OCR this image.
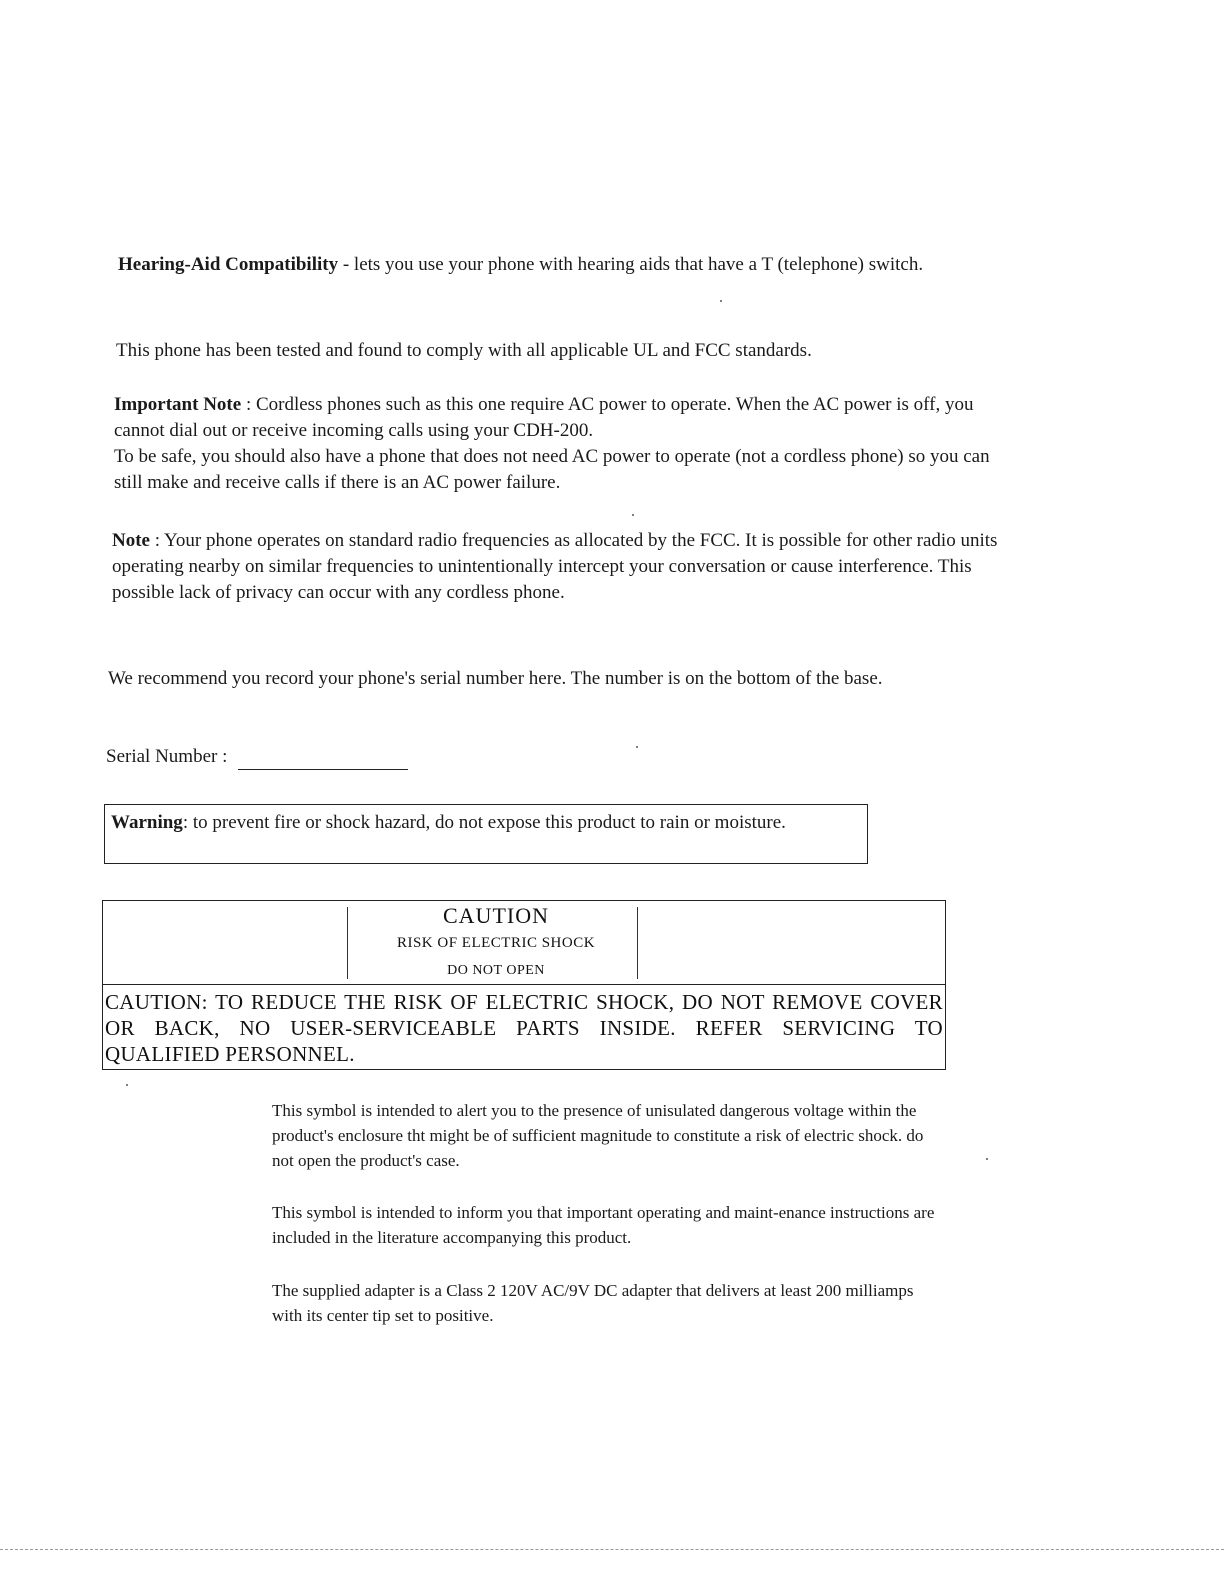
Hearing-Aid Compatibility - lets you use your phone with hearing aids that have a T (telephone) switch.

This phone has been tested and found to comply with all applicable UL and FCC standards.

Important Note : Cordless phones such as this one require AC power to operate. When the AC power is off, you cannot dial out or receive incoming calls using your CDH-200.
To be safe, you should also have a phone that does not need AC power to operate (not a cordless phone) so you can still make and receive calls if there is an AC power failure.

Note : Your phone operates on standard radio frequencies as allocated by the FCC. It is possible for other radio units operating nearby on similar frequencies to unintentionally intercept your conversation or cause interference. This possible lack of privacy can occur with any cordless phone.

We recommend you record your phone's serial number here. The number is on the bottom of the base.

Serial Number :

Warning: to prevent fire or shock hazard, do not expose this product to rain or moisture.
CAUTION
RISK OF ELECTRIC SHOCK
DO NOT OPEN
CAUTION: TO REDUCE THE RISK OF ELECTRIC SHOCK, DO NOT REMOVE COVER OR BACK, NO USER-SERVICEABLE PARTS INSIDE. REFER SERVICING TO QUALIFIED PERSONNEL.

This symbol is intended to alert you to the presence of unisulated dangerous voltage within the product's enclosure tht might be of sufficient magnitude to constitute a risk of electric shock. do not open the product's case.

This symbol is intended to inform you that important operating and maint-enance instructions are included in the literature accompanying this product.

The supplied adapter is a Class 2 120V AC/9V DC adapter that delivers at least 200 milliamps with its center tip set to positive.
